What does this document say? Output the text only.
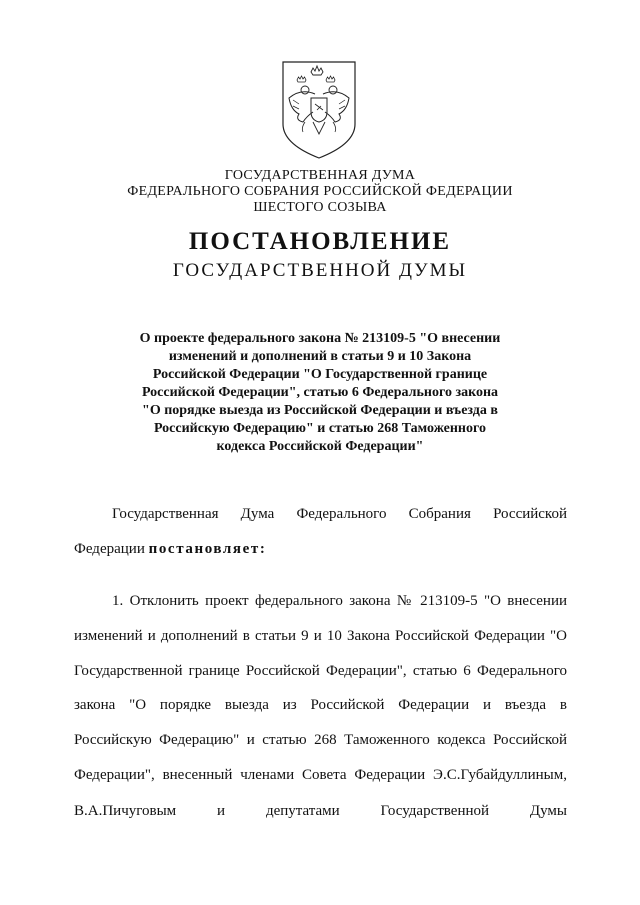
ГОСУДАРСТВЕННАЯ ДУМА
ФЕДЕРАЛЬНОГО СОБРАНИЯ РОССИЙСКОЙ ФЕДЕРАЦИИ
ШЕСТОГО СОЗЫВА
ПОСТАНОВЛЕНИЕ
ГОСУДАРСТВЕННОЙ ДУМЫ
О проекте федерального закона № 213109-5 "О внесении
изменений и дополнений в статьи 9 и 10 Закона
Российской Федерации "О Государственной границе
Российской Федерации", статью 6 Федерального закона
"О порядке выезда из Российской Федерации и въезда в
Российскую Федерацию" и статью 268 Таможенного
кодекса Российской Федерации"
Государственная Дума Федерального Собрания Российской
Федерации постановляет:
1. Отклонить проект федерального закона № 213109-5 "О внесении
изменений и дополнений в статьи 9 и 10 Закона Российской Федерации "О
Государственной границе Российской Федерации", статью 6 Федерального
закона "О порядке выезда из Российской Федерации и въезда в
Российскую Федерацию" и статью 268 Таможенного кодекса Российской
Федерации", внесенный членами Совета Федерации Э.С.Губайдуллиным,
В.А.Пичуговым	и	депутатами	Государственной	Думы
